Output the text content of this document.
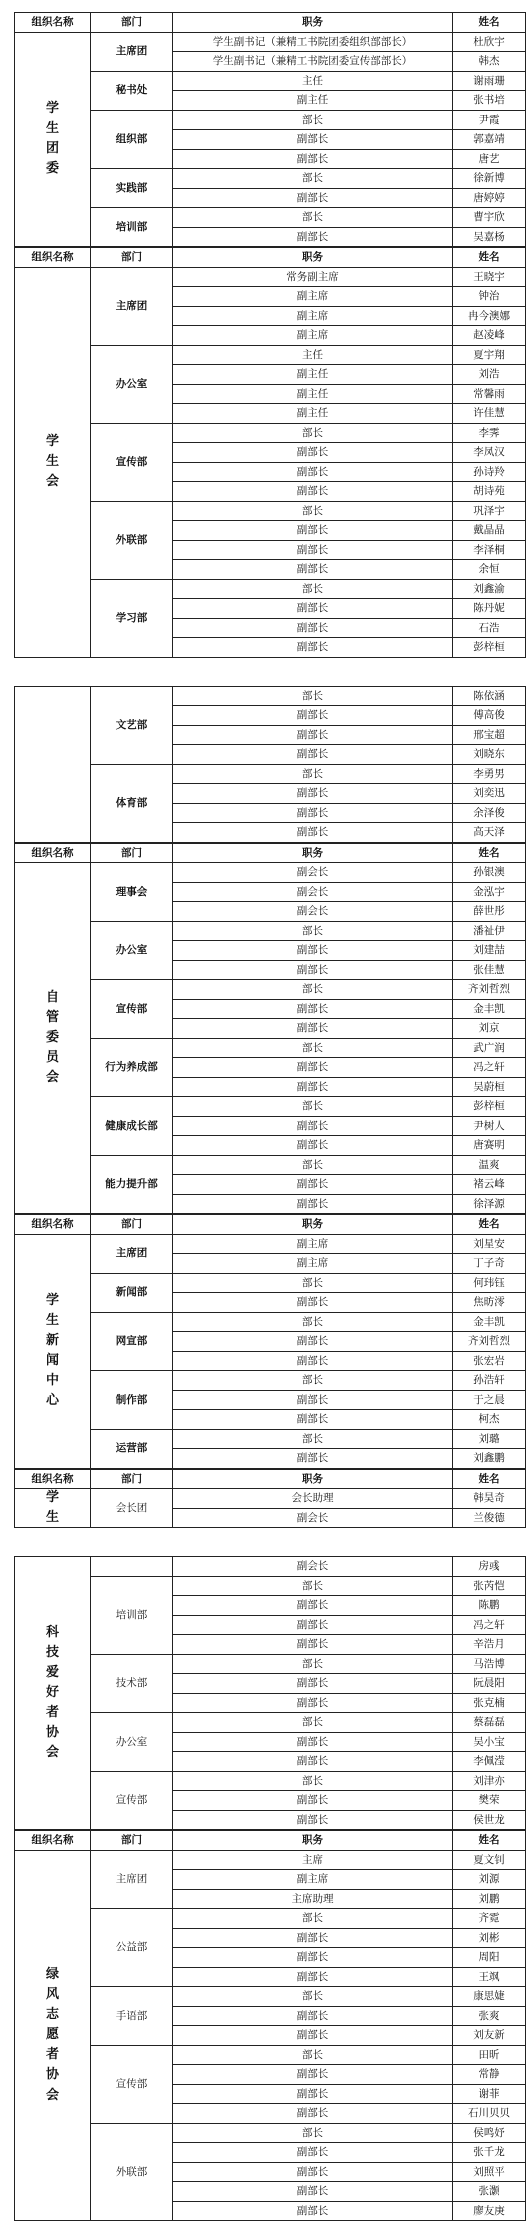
组织名称	部门	职务	姓名
学
生
团
委
主席团
学生副书记（兼精工书院团委组织部部长）	杜欣宇
学生副书记（兼精工书院团委宣传部部长）	韩杰
秘书处
主任	谢雨珊
副主任	张书培
组织部
部长	尹霞
副部长	郭嘉靖
副部长	唐艺
实践部
部长	徐新博
副部长	唐婷婷
培训部
部长	曹宇欣
副部长	吴嘉杨
组织名称	部门	职务	姓名
学
生
会
主席团
常务副主席	王晓宇
副主席	钟治
副主席	冉今澳娜
副主席	赵凌峰
办公室
主任	夏宇翔
副主任	刘浩
副主任	常馨雨
副主任	许佳慧
宣传部
部长	李霁
副部长	李凤汉
副部长	孙诗羚
副部长	胡诗苑
外联部
部长	巩泽宇
副部长	戴晶晶
副部长	李泽桐
副部长	余恒
学习部
部长	刘鑫渝
副部长	陈丹妮
副部长	石浩
副部长	彭梓桓
文艺部
部长	陈依涵
副部长	傅高俊
副部长	邢宝超
副部长	刘晓东
体育部
部长	李勇男
副部长	刘奕迅
副部长	余泽俊
副部长	高天泽
组织名称	部门	职务	姓名
自
管
委
员
会
理事会
副会长	孙银澳
副会长	金泓宇
副会长	薛世彤
办公室
部长	潘祉伊
副部长	刘建喆
副部长	张佳慧
宣传部
部长	齐刘哲烈
副部长	金丰凯
副部长	刘京
行为养成部
部长	武广润
副部长	冯之轩
副部长	吴蔚桓
健康成长部
部长	彭梓桓
副部长	尹树人
副部长	唐赛明
能力提升部
部长	温爽
副部长	褚云峰
副部长	徐泽源
组织名称	部门	职务	姓名
学
生
新
闻
中
心
主席团
副主席	刘星安
副主席	丁子奇
新闻部
部长	何玮钰
副部长	焦昉澪
网宣部
部长	金丰凯
副部长	齐刘哲烈
副部长	张宏岩
制作部
部长	孙浩轩
副部长	于之晨
副部长	柯杰
运营部
部长	刘璐
副部长	刘鑫鹏
组织名称	部门	职务	姓名
学
生
会长团
会长助理	韩昊奇
副会长	兰俊德
科
技
爱
好
者
协
会
副会长	房彧
培训部
部长	张芮恺
副部长	陈鹏
副部长	冯之轩
副部长	辛浩月
技术部
部长	马浩博
副部长	阮晨阳
副部长	张克楠
办公室
部长	蔡磊磊
副部长	吴小宝
副部长	李佩滢
宣传部
部长	刘津亦
副部长	樊荣
副部长	侯世龙
组织名称	部门	职务	姓名
绿
风
志
愿
者
协
会
主席团
主席	夏文钊
副主席	刘源
主席助理	刘鹏
公益部
部长	齐霓
副部长	刘彬
副部长	周阳
副部长	王飒
手语部
部长	康思婕
副部长	张爽
副部长	刘友新
宣传部
部长	田昕
副部长	常静
副部长	谢菲
副部长	石川贝贝
外联部
部长	侯鸣妤
副部长	张千龙
副部长	刘照平
副部长	张灏
副部长	廖友庚
